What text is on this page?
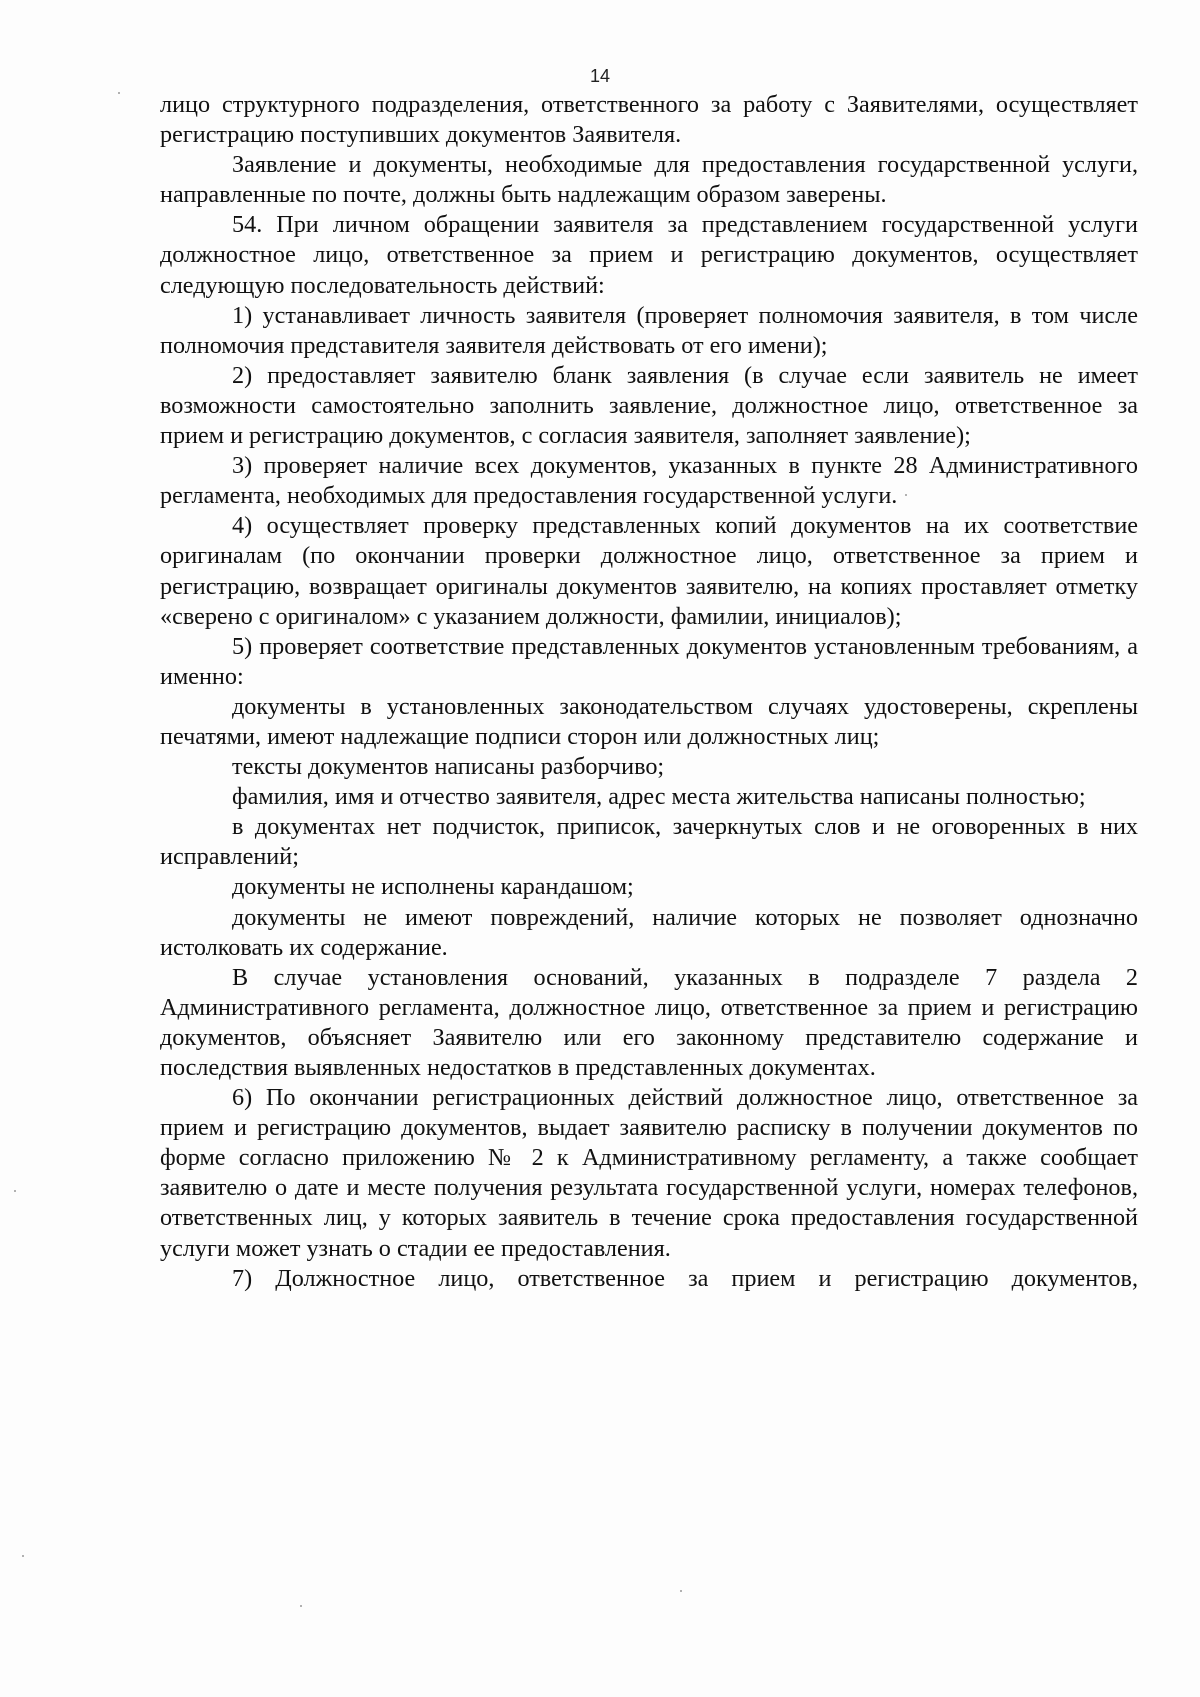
14

лицо структурного подразделения, ответственного за работу с Заявителями, осуществляет регистрацию поступивших документов Заявителя.

Заявление и документы, необходимые для предоставления государственной услуги, направленные по почте, должны быть надлежащим образом заверены.

54. При личном обращении заявителя за представлением государственной услуги должностное лицо, ответственное за прием и регистрацию документов, осуществляет следующую последовательность действий:

1) устанавливает личность заявителя (проверяет полномочия заявителя, в том числе полномочия представителя заявителя действовать от его имени);

2) предоставляет заявителю бланк заявления (в случае если заявитель не имеет возможности самостоятельно заполнить заявление, должностное лицо, ответственное за прием и регистрацию документов, с согласия заявителя, заполняет заявление);

3) проверяет наличие всех документов, указанных в пункте 28 Административного регламента, необходимых для предоставления государственной услуги.

4) осуществляет проверку представленных копий документов на их соответствие оригиналам (по окончании проверки должностное лицо, ответственное за прием и регистрацию, возвращает оригиналы документов заявителю, на копиях проставляет отметку «сверено с оригиналом» с указанием должности, фамилии, инициалов);

5) проверяет соответствие представленных документов установленным требованиям, а именно:

документы в установленных законодательством случаях удостоверены, скреплены печатями, имеют надлежащие подписи сторон или должностных лиц;

тексты документов написаны разборчиво;

фамилия, имя и отчество заявителя, адрес места жительства написаны полностью;

в документах нет подчисток, приписок, зачеркнутых слов и не оговоренных в них исправлений;

документы не исполнены карандашом;

документы не имеют повреждений, наличие которых не позволяет однозначно истолковать их содержание.

В случае установления оснований, указанных в подразделе 7 раздела 2 Административного регламента, должностное лицо, ответственное за прием и регистрацию документов, объясняет Заявителю или его законному представителю содержание и последствия выявленных недостатков в представленных документах.

6) По окончании регистрационных действий должностное лицо, ответственное за прием и регистрацию документов, выдает заявителю расписку в получении документов по форме согласно приложению № 2 к Административному регламенту, а также сообщает заявителю о дате и месте получения результата государственной услуги, номерах телефонов, ответственных лиц, у которых заявитель в течение срока предоставления государственной услуги может узнать о стадии ее предоставления.

7) Должностное лицо, ответственное за прием и регистрацию документов,
